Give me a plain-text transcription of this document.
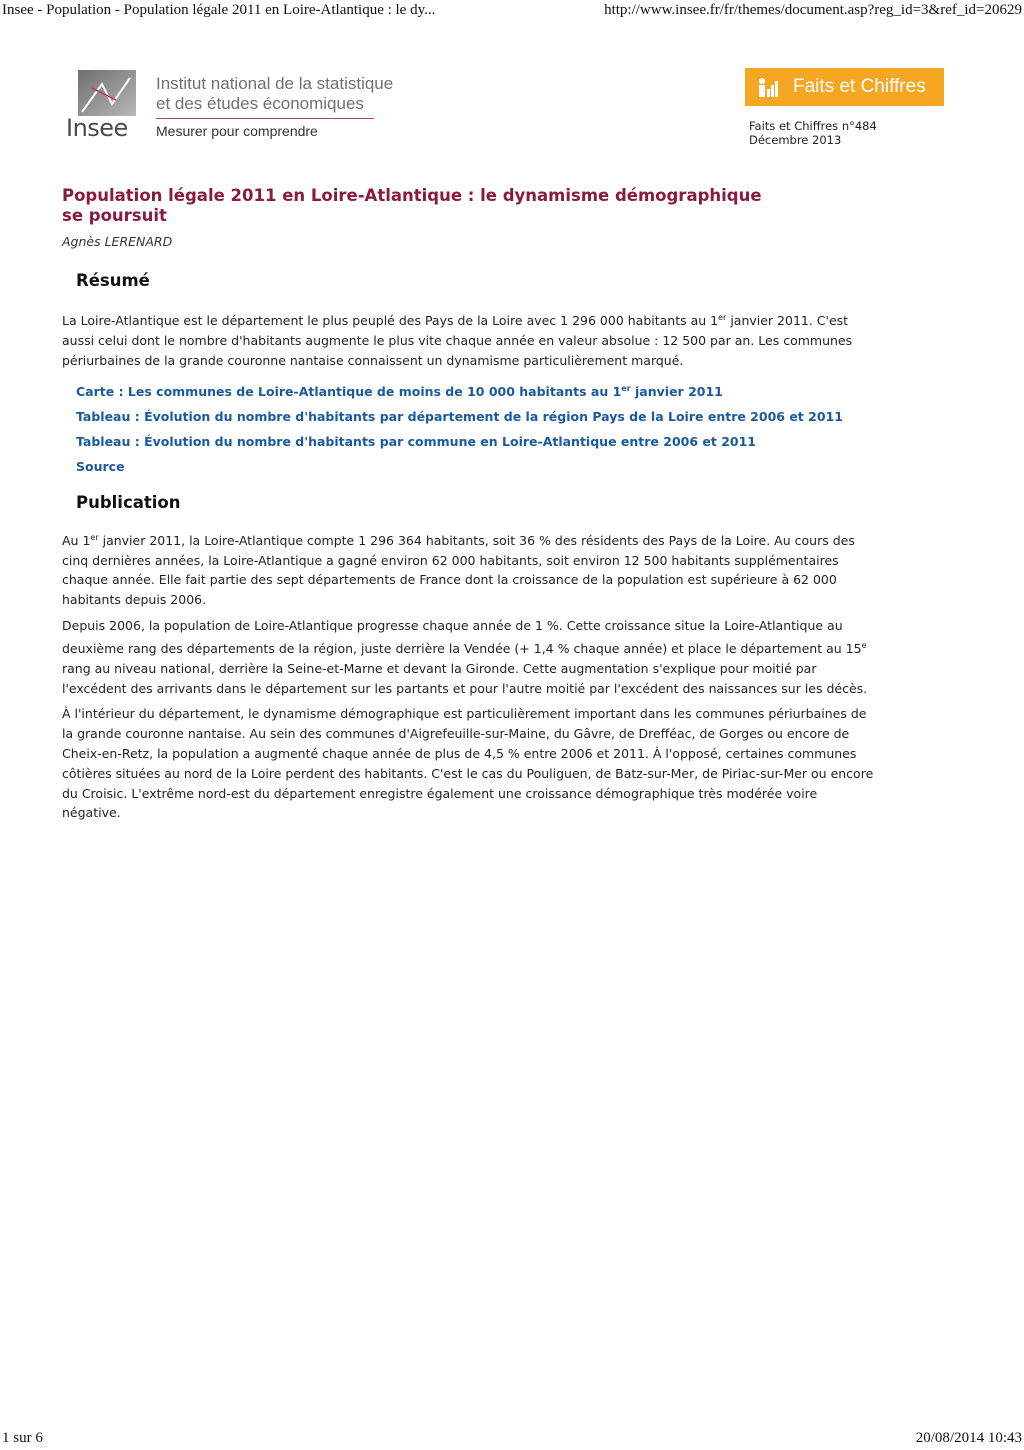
Insee - Population - Population légale 2011 en Loire-Atlantique : le dy...	http://www.insee.fr/fr/themes/document.asp?reg_id=3&ref_id=20629
Insee
Institut national de la statistique
et des études économiques
Mesurer pour comprendre
Faits et Chiffres
Faits et Chiffres n°484
Décembre 2013
Population légale 2011 en Loire-Atlantique : le dynamisme démographique se poursuit

Agnès LERENARD

Résumé

La Loire-Atlantique est le département le plus peuplé des Pays de la Loire avec 1 296 000 habitants au 1er janvier 2011. C'est aussi celui dont le nombre d'habitants augmente le plus vite chaque année en valeur absolue : 12 500 par an. Les communes périurbaines de la grande couronne nantaise connaissent un dynamisme particulièrement marqué.

Carte : Les communes de Loire-Atlantique de moins de 10 000 habitants au 1er janvier 2011
Tableau : Évolution du nombre d'habitants par département de la région Pays de la Loire entre 2006 et 2011
Tableau : Évolution du nombre d'habitants par commune en Loire-Atlantique entre 2006 et 2011
Source
Publication

Au 1er janvier 2011, la Loire-Atlantique compte 1 296 364 habitants, soit 36 % des résidents des Pays de la Loire. Au cours des cinq dernières années, la Loire-Atlantique a gagné environ 62 000 habitants, soit environ 12 500 habitants supplémentaires chaque année. Elle fait partie des sept départements de France dont la croissance de la population est supérieure à 62 000 habitants depuis 2006.

Depuis 2006, la population de Loire-Atlantique progresse chaque année de 1 %. Cette croissance situe la Loire-Atlantique au deuxième rang des départements de la région, juste derrière la Vendée (+ 1,4 % chaque année) et place le département au 15e rang au niveau national, derrière la Seine-et-Marne et devant la Gironde. Cette augmentation s'explique pour moitié par l'excédent des arrivants dans le département sur les partants et pour l'autre moitié par l'excédent des naissances sur les décès.

À l'intérieur du département, le dynamisme démographique est particulièrement important dans les communes périurbaines de la grande couronne nantaise. Au sein des communes d'Aigrefeuille-sur-Maine, du Gâvre, de Drefféac, de Gorges ou encore de Cheix-en-Retz, la population a augmenté chaque année de plus de 4,5 % entre 2006 et 2011. À l'opposé, certaines communes côtières situées au nord de la Loire perdent des habitants. C'est le cas du Pouliguen, de Batz-sur-Mer, de Piriac-sur-Mer ou encore du Croisic. L'extrême nord-est du département enregistre également une croissance démographique très modérée voire négative.

1 sur 6	20/08/2014 10:43
